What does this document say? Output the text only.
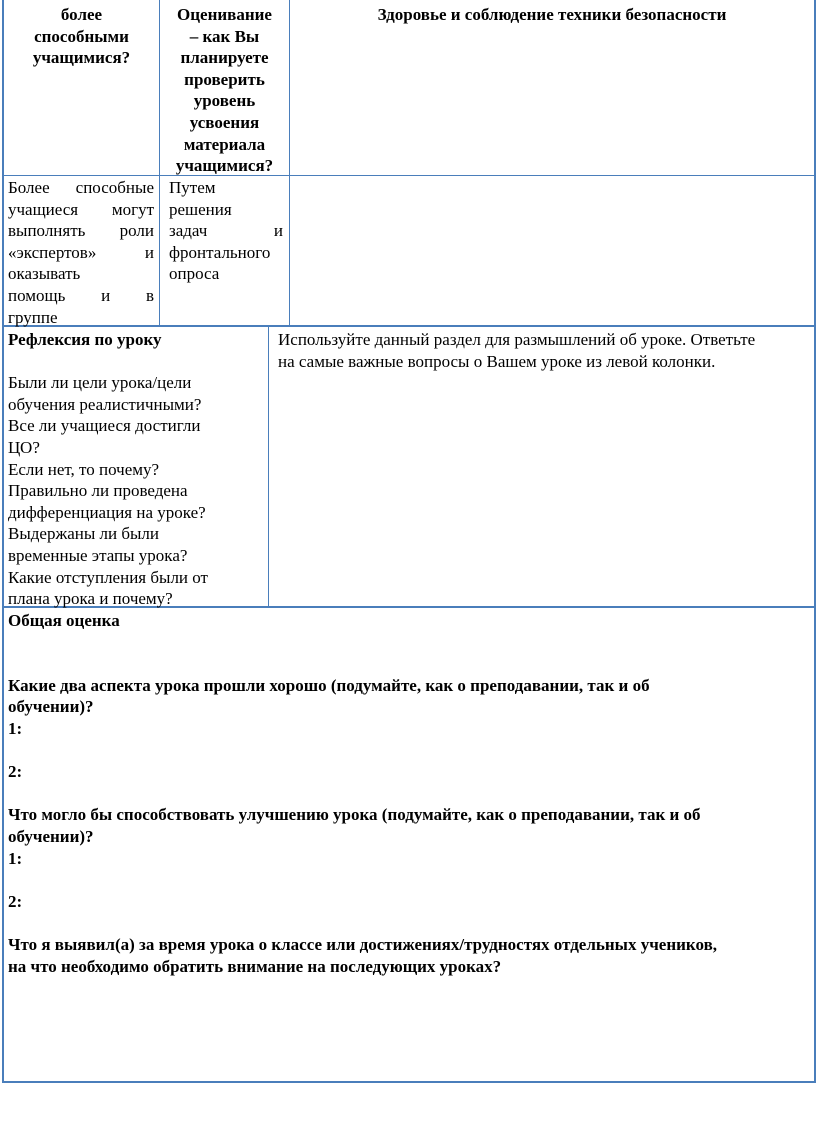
более

способными

учащимися?

Оценивание

– как Вы

планируете

проверить

уровень

усвоения

материала

учащимися?

Здоровье и соблюдение техники безопасности

Более способные

учащиеся могут

выполнять роли

«экспертов» и

оказывать

помощь и в

группе

Путем

решения

задач и

фронтального

опроса

Рефлексия по уроку

Были ли цели урока/цели

обучения реалистичными?

Все ли учащиеся достигли

ЦО?

Если нет, то почему?

Правильно ли проведена

дифференциация на уроке?

Выдержаны ли были

временные этапы урока?

Какие отступления были от

плана урока и почему?

Используйте данный раздел для размышлений об уроке. Ответьте

на самые важные вопросы о Вашем уроке из левой колонки.

Общая оценка

Какие два аспекта урока прошли хорошо (подумайте, как о преподавании, так и об

обучении)?

1:

2:

Что могло бы способствовать улучшению урока (подумайте, как о преподавании, так и об

обучении)?

1:

2:

Что я выявил(а) за время урока о классе или достижениях/трудностях отдельных учеников,

на что необходимо обратить внимание на последующих уроках?
